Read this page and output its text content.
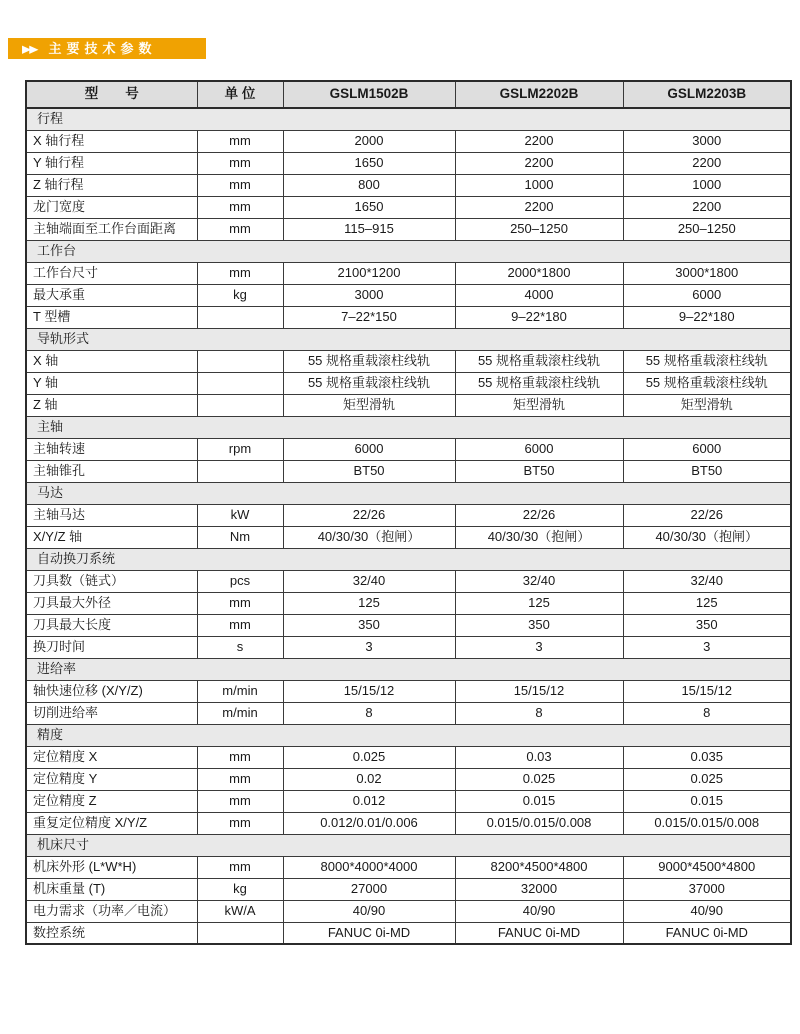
▶▶ 主要技术参数
型　　号	单 位	GSLM1502B	GSLM2202B	GSLM2203B
行程				
X 轴行程	mm	2000	2200	3000
Y 轴行程	mm	1650	2200	2200
Z 轴行程	mm	800	1000	1000
龙门宽度	mm	1650	2200	2200
主轴端面至工作台面距离	mm	115–915	250–1250	250–1250
工作台				
工作台尺寸	mm	2100*1200	2000*1800	3000*1800
最大承重	kg	3000	4000	6000
T 型槽		7–22*150	9–22*180	9–22*180
导轨形式				
X 轴		55 规格重载滚柱线轨	55 规格重载滚柱线轨	55 规格重载滚柱线轨
Y 轴		55 规格重载滚柱线轨	55 规格重载滚柱线轨	55 规格重载滚柱线轨
Z 轴		矩型滑轨	矩型滑轨	矩型滑轨
主轴				
主轴转速	rpm	6000	6000	6000
主轴锥孔		BT50	BT50	BT50
马达				
主轴马达	kW	22/26	22/26	22/26
X/Y/Z 轴	Nm	40/30/30（抱闸）	40/30/30（抱闸）	40/30/30（抱闸）
自动换刀系统				
刀具数（链式）	pcs	32/40	32/40	32/40
刀具最大外径	mm	125	125	125
刀具最大长度	mm	350	350	350
换刀时间	s	3	3	3
进给率				
轴快速位移 (X/Y/Z)	m/min	15/15/12	15/15/12	15/15/12
切削进给率	m/min	8	8	8
精度				
定位精度 X	mm	0.025	0.03	0.035
定位精度 Y	mm	0.02	0.025	0.025
定位精度 Z	mm	0.012	0.015	0.015
重复定位精度 X/Y/Z	mm	0.012/0.01/0.006	0.015/0.015/0.008	0.015/0.015/0.008
机床尺寸				
机床外形 (L*W*H)	mm	8000*4000*4000	8200*4500*4800	9000*4500*4800
机床重量 (T)	kg	27000	32000	37000
电力需求（功率／电流）	kW/A	40/90	40/90	40/90
数控系统		FANUC 0i-MD	FANUC 0i-MD	FANUC 0i-MD
